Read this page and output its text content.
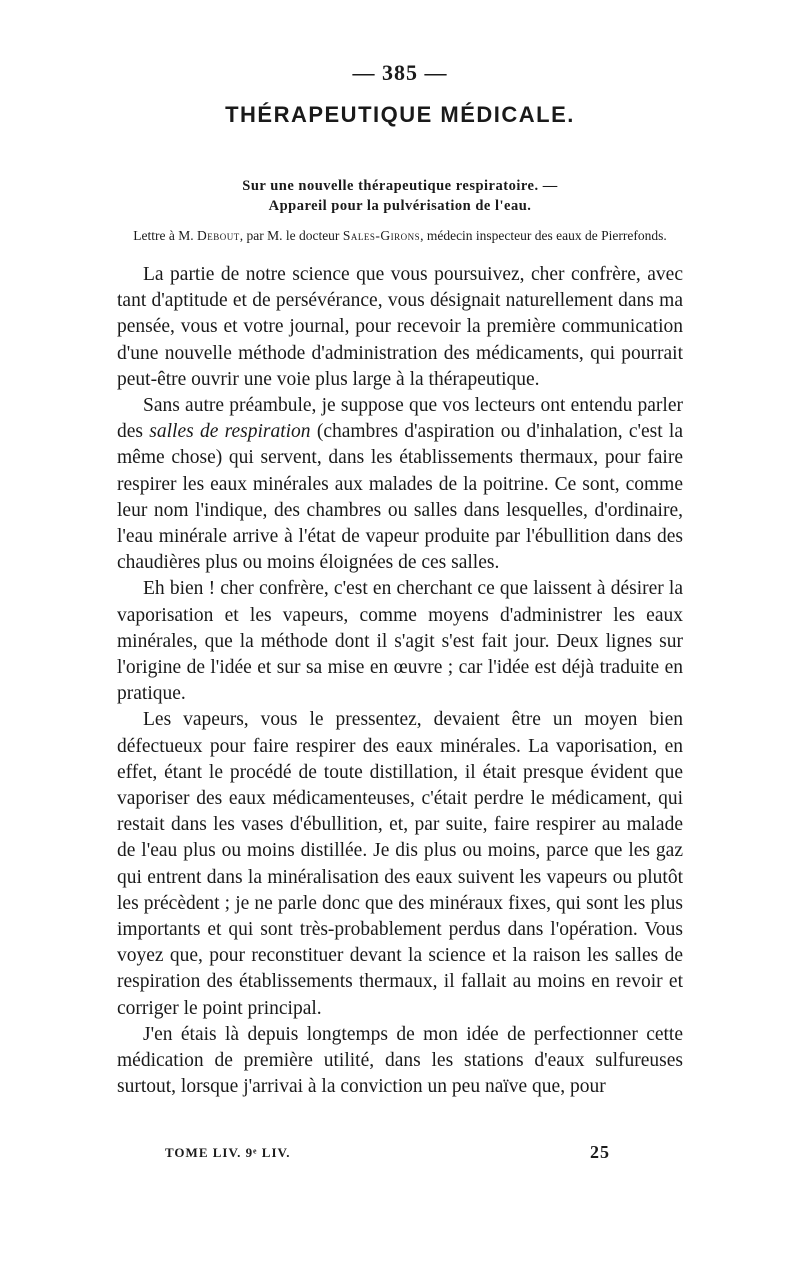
— 385 —
THÉRAPEUTIQUE MÉDICALE.
Sur une nouvelle thérapeutique respiratoire. —
Appareil pour la pulvérisation de l'eau.
Lettre à M. Debout, par M. le docteur Sales-Girons, médecin inspecteur des eaux de Pierrefonds.

La partie de notre science que vous poursuivez, cher confrère, avec tant d'aptitude et de persévérance, vous désignait naturellement dans ma pensée, vous et votre journal, pour recevoir la première communication d'une nouvelle méthode d'administration des médicaments, qui pourrait peut-être ouvrir une voie plus large à la thérapeutique.

Sans autre préambule, je suppose que vos lecteurs ont entendu parler des salles de respiration (chambres d'aspiration ou d'inhalation, c'est la même chose) qui servent, dans les établissements thermaux, pour faire respirer les eaux minérales aux malades de la poitrine. Ce sont, comme leur nom l'indique, des chambres ou salles dans lesquelles, d'ordinaire, l'eau minérale arrive à l'état de vapeur produite par l'ébullition dans des chaudières plus ou moins éloignées de ces salles.

Eh bien ! cher confrère, c'est en cherchant ce que laissent à désirer la vaporisation et les vapeurs, comme moyens d'administrer les eaux minérales, que la méthode dont il s'agit s'est fait jour. Deux lignes sur l'origine de l'idée et sur sa mise en œuvre ; car l'idée est déjà traduite en pratique.

Les vapeurs, vous le pressentez, devaient être un moyen bien défectueux pour faire respirer des eaux minérales. La vaporisation, en effet, étant le procédé de toute distillation, il était presque évident que vaporiser des eaux médicamenteuses, c'était perdre le médicament, qui restait dans les vases d'ébullition, et, par suite, faire respirer au malade de l'eau plus ou moins distillée. Je dis plus ou moins, parce que les gaz qui entrent dans la minéralisation des eaux suivent les vapeurs ou plutôt les précèdent ; je ne parle donc que des minéraux fixes, qui sont les plus importants et qui sont très-probablement perdus dans l'opération. Vous voyez que, pour reconstituer devant la science et la raison les salles de respiration des établissements thermaux, il fallait au moins en revoir et corriger le point principal.

J'en étais là depuis longtemps de mon idée de perfectionner cette médication de première utilité, dans les stations d'eaux sulfureuses surtout, lorsque j'arrivai à la conviction un peu naïve que, pour

TOME LIV. 9ᵉ LIV.	25
